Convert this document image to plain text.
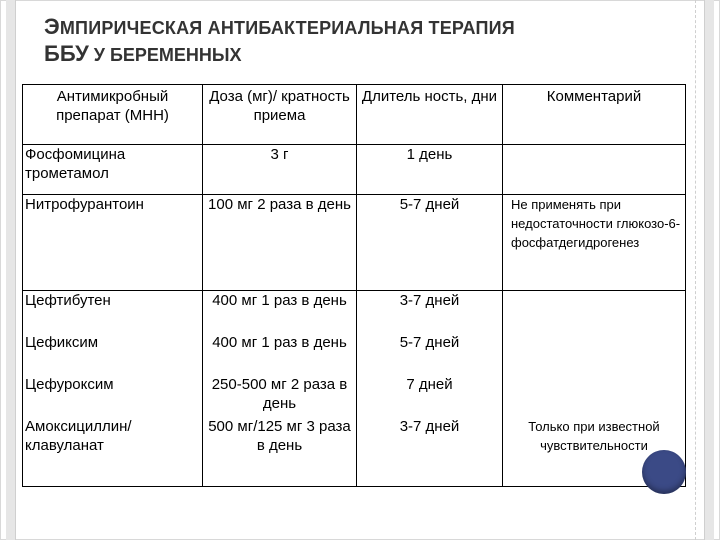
ЭМПИРИЧЕСКАЯ АНТИБАКТЕРИАЛЬНАЯ ТЕРАПИЯ
ББУ У БЕРЕМЕННЫХ
Антимикробный препарат (МНН)	Доза (мг)/ кратность приема	Длитель ность, дни	Комментарий
Фосфомицина трометамол	3 г	1 день	
Нитрофурантоин	100 мг 2 раза в день	5-7 дней	Не применять при недостаточности глюкозо-6-фосфатдегидрогенез
Цефтибутен	400 мг 1 раз в день	3-7 дней	
Цефиксим	400 мг 1 раз в день	5-7 дней	
Цефуроксим	250-500 мг 2 раза в день	7 дней	
Амоксициллин/ клавуланат	500 мг/125 мг 3 раза в день	3-7 дней	Только при известной чувствительности
